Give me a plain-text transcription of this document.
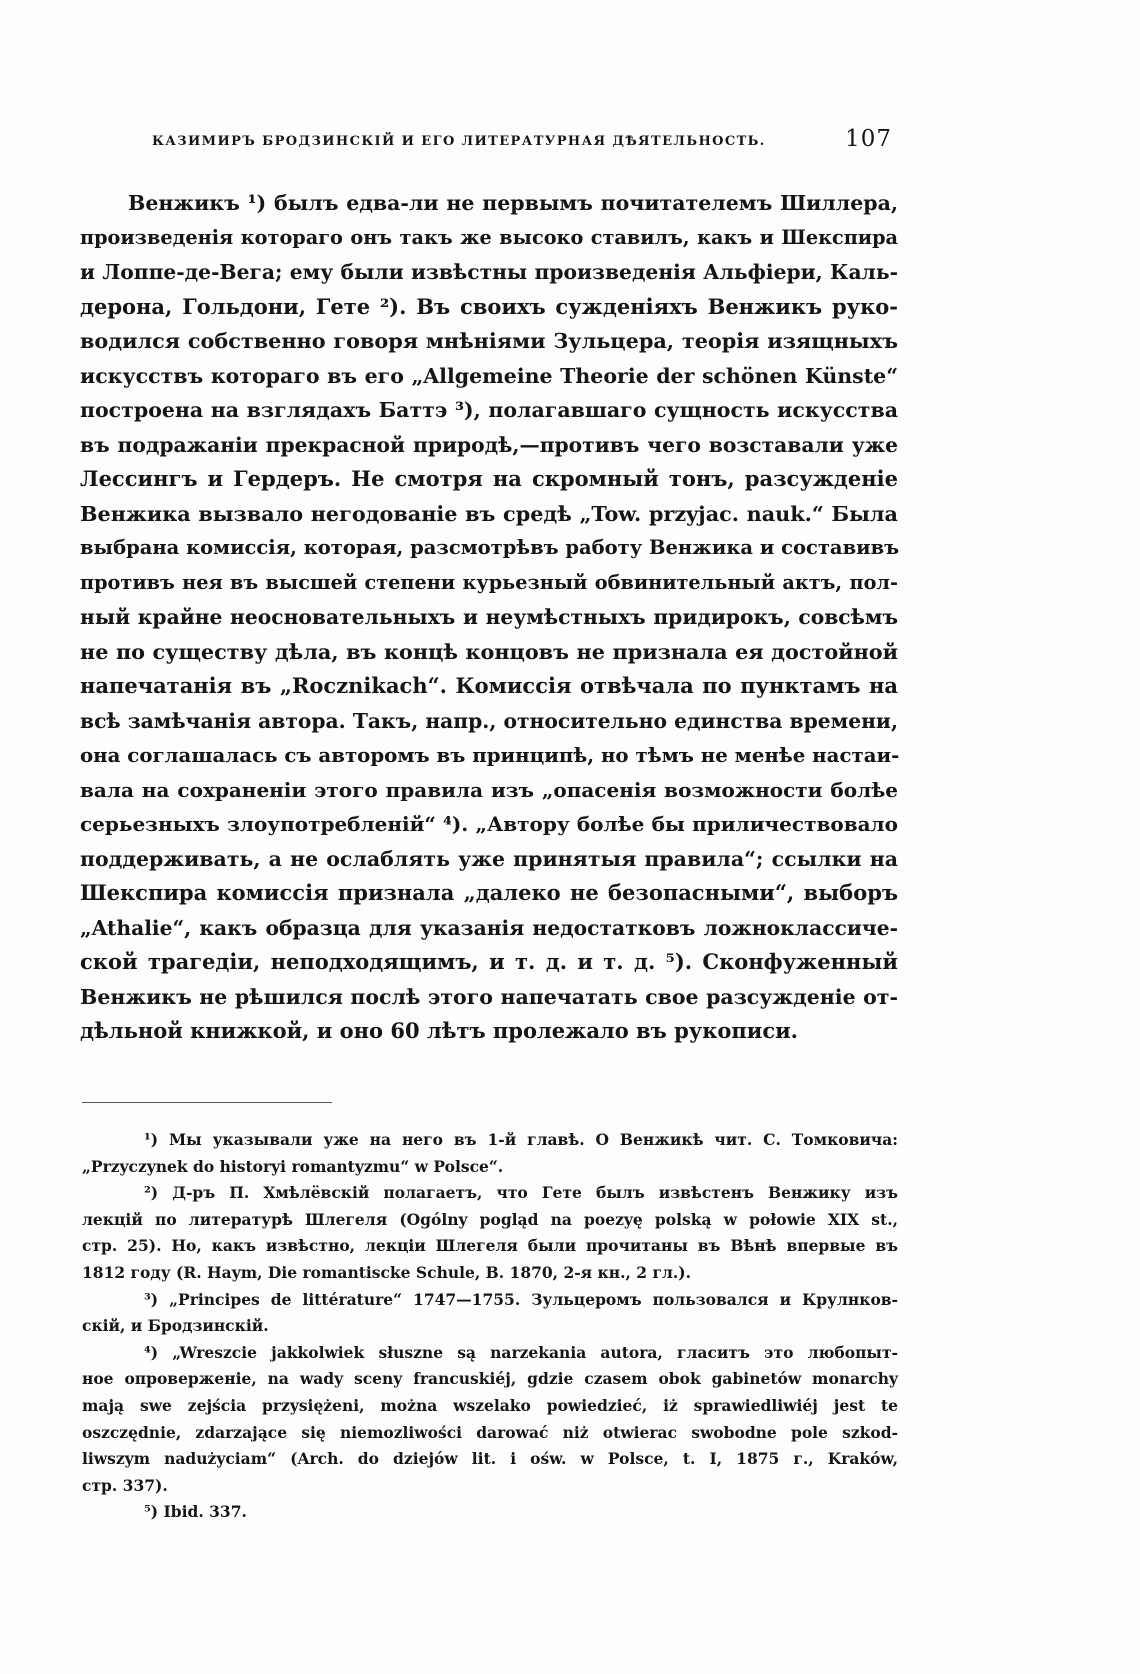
КАЗИМИРЪ БРОДЗИНСКІЙ И ЕГО ЛИТЕРАТУРНАЯ ДѢЯТЕЛЬНОСТЬ.	107
Венжикъ ¹) былъ едва-ли не первымъ почитателемъ Шиллера,
произведенія котораго онъ такъ же высоко ставилъ, какъ и Шекспира
и Лоппе-де-Вега; ему были извѣстны произведенія Альфіери, Каль-
дерона, Гольдони, Гете ²). Въ своихъ сужденіяхъ Венжикъ руко-
водился собственно говоря мнѣніями Зульцера, теорія изящныхъ
искусствъ котораго въ его „Allgemeine Theorie der schönen Künste“
построена на взглядахъ Баттэ ³), полагавшаго сущность искусства
въ подражаніи прекрасной природѣ,—противъ чего возставали уже
Лессингъ и Гердеръ. Не смотря на скромный тонъ, разсужденіе
Венжика вызвало негодованіе въ средѣ „Tow. przyjac. nauk.“ Была
выбрана комиссія, которая, разсмотрѣвъ работу Венжика и составивъ
противъ нея въ высшей степени курьезный обвинительный актъ, пол-
ный крайне неосновательныхъ и неумѣстныхъ придирокъ, совсѣмъ
не по существу дѣла, въ концѣ концовъ не признала ея достойной
напечатанія въ „Rocznikach“. Комиссія отвѣчала по пунктамъ на
всѣ замѣчанія автора. Такъ, напр., относительно единства времени,
она соглашалась съ авторомъ въ принципѣ, но тѣмъ не менѣе настаи-
вала на сохраненіи этого правила изъ „опасенія возможности болѣе
серьезныхъ злоупотребленій“ ⁴). „Автору болѣе бы приличествовало
поддерживать, а не ослаблять уже принятыя правила“; ссылки на
Шекспира комиссія признала „далеко не безопасными“, выборъ
„Athalie“, какъ образца для указанія недостатковъ ложноклассиче-
ской трагедіи, неподходящимъ, и т. д. и т. д. ⁵). Сконфуженный
Венжикъ не рѣшился послѣ этого напечатать свое разсужденіе от-
дѣльной книжкой, и оно 60 лѣтъ пролежало въ рукописи.
¹) Мы указывали уже на него въ 1-й главѣ. О Венжикѣ чит. С. Томковича:
„Przyczynek do historyi romantyzmu“ w Polsce“.
²) Д-ръ П. Хмѣлёвскій полагаетъ, что Гете былъ извѣстенъ Венжику изъ
лекцій по литературѣ Шлегеля (Ogólny pogląd na poezyę polską w połowie XIX st.,
стр. 25). Но, какъ извѣстно, лекціи Шлегеля были прочитаны въ Вѣнѣ впервые въ
1812 году (R. Haym, Die romantiscke Schule, B. 1870, 2-я кн., 2 гл.).
³) „Principes de littérature“ 1747—1755. Зульцеромъ пользовался и Крулнков-
скій, и Бродзинскій.
⁴) „Wreszcie jakkolwiek słuszne są narzekania autora, гласитъ это любопыт-
ное опроверженіе, na wady sceny francuskiéj, gdzie czasem obok gabinetów monarchy
mają swe zejścia przysiężeni, można wszelako powiedzieć, iż sprawiedliwiéj jest te
oszczędnie, zdarzające się niemozliwości darować niż otwierac swobodne pole szkod-
liwszym nadużyciam“ (Arch. do dziejów lit. i ośw. w Polsce, t. I, 1875 г., Kraków,
стр. 337).
⁵) Ibid. 337.
